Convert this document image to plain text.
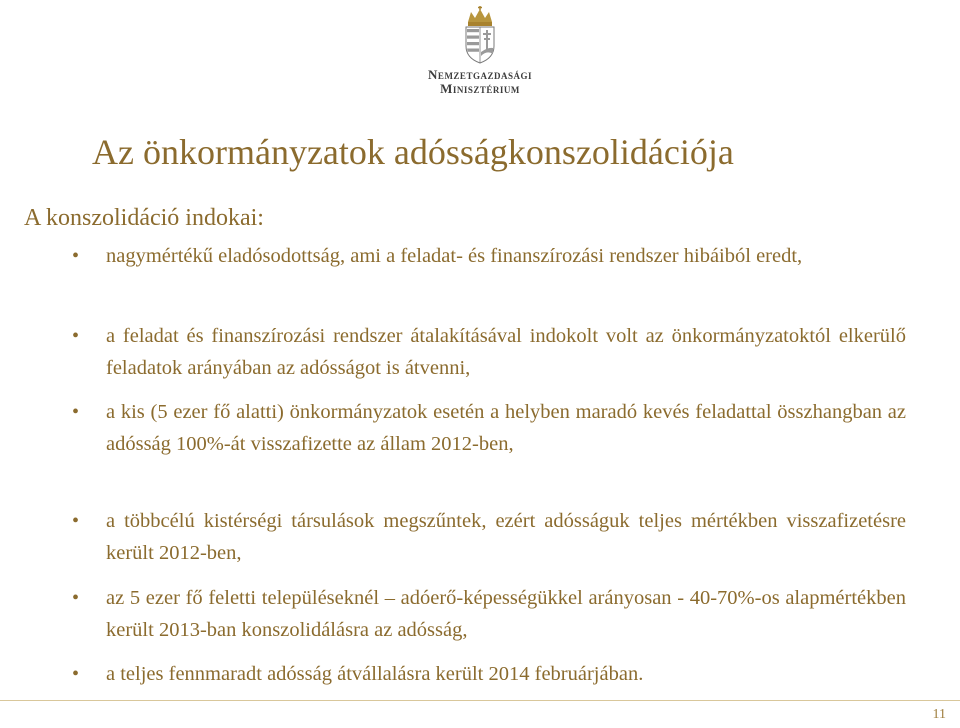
Nemzetgazdasági
Minisztérium
Az önkormányzatok adósságkonszolidációja

A konszolidáció indokai:

• nagymértékű eladósodottság, ami a feladat- és finanszírozási rendszer hibáiból eredt,
• a feladat és finanszírozási rendszer átalakításával indokolt volt az önkormányzatoktól elkerülő feladatok arányában az adósságot is átvenni,
• a kis (5 ezer fő alatti) önkormányzatok esetén a helyben maradó kevés feladattal összhangban az adósság 100%-át visszafizette az állam 2012-ben,
• a többcélú kistérségi társulások megszűntek, ezért adósságuk teljes mértékben visszafizetésre került 2012-ben,
• az 5 ezer fő feletti településeknél – adóerő-képességükkel arányosan - 40-70%-os alapmértékben került 2013-ban konszolidálásra az adósság,
• a teljes fennmaradt adósság átvállalásra került 2014 februárjában.
11
